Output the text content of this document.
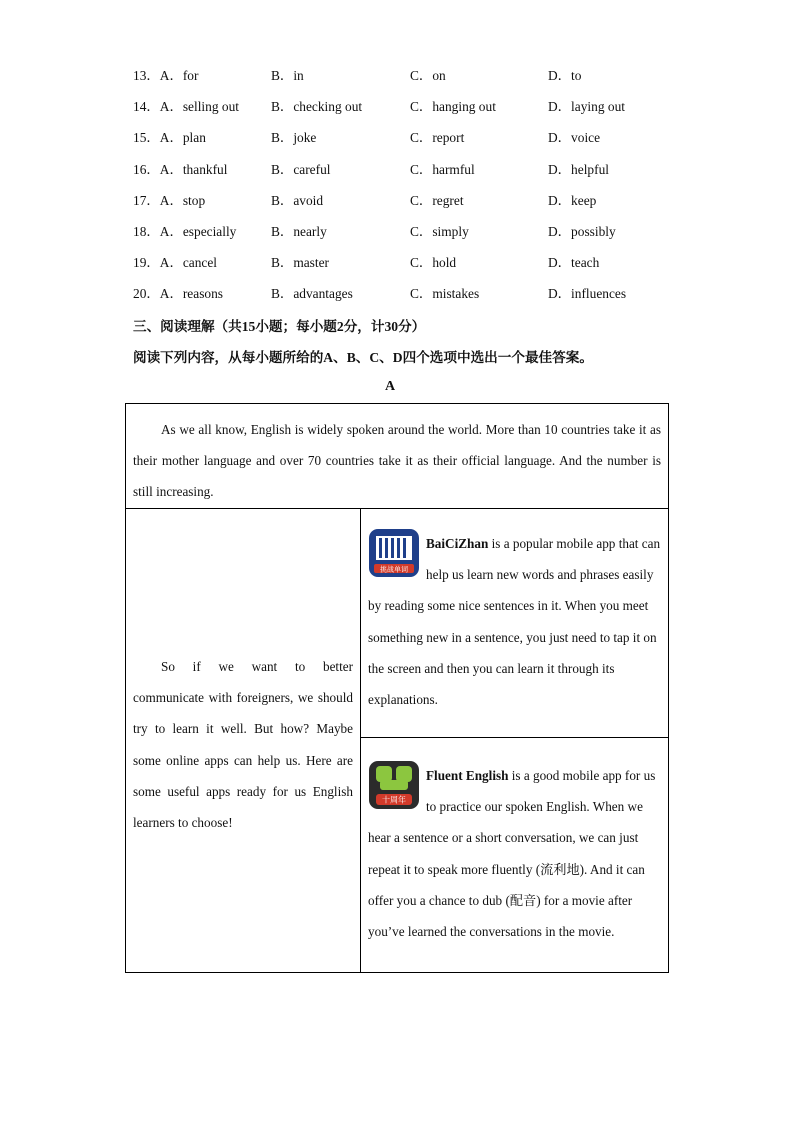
13．A．for	B．in	C．on	D．to
14．A．selling out B．checking out	C．hanging out	D．laying out
15．A．plan	B．joke	C．report	D．voice
16．A．thankful	B．careful	C．harmful	D．helpful
17．A．stop	B．avoid	C．regret	D．keep
18．A．especially	B．nearly	C．simply	D．possibly
19．A．cancel	B．master	C．hold	D．teach
20．A．reasons	B．advantages	C．mistakes	D．influences
三、阅读理解（共15小题；每小题2分，计30分）
阅读下列内容，从每小题所给的A、B、C、D四个选项中选出一个最佳答案。
A

As we all know, English is widely spoken around the world. More than 10 countries take it as their mother language and over 70 countries take it as their official language. And the number is still increasing.

So if we want to better communicate with foreigners, we should try to learn it well. But how? Maybe some online apps can help us. Here are some useful apps ready for us English learners to choose!

挑战单词
BaiCiZhan is a popular mobile app that can help us learn new words and phrases easily by reading some nice sentences in it. When you meet something new in a sentence, you just need to tap it on the screen and then you can learn it through its explanations.

十周年
Fluent English is a good mobile app for us to practice our spoken English. When we hear a sentence or a short conversation, we can just repeat it to speak more fluently (流利地). And it can offer you a chance to dub (配音) for a movie after you’ve learned the conversations in the movie.
